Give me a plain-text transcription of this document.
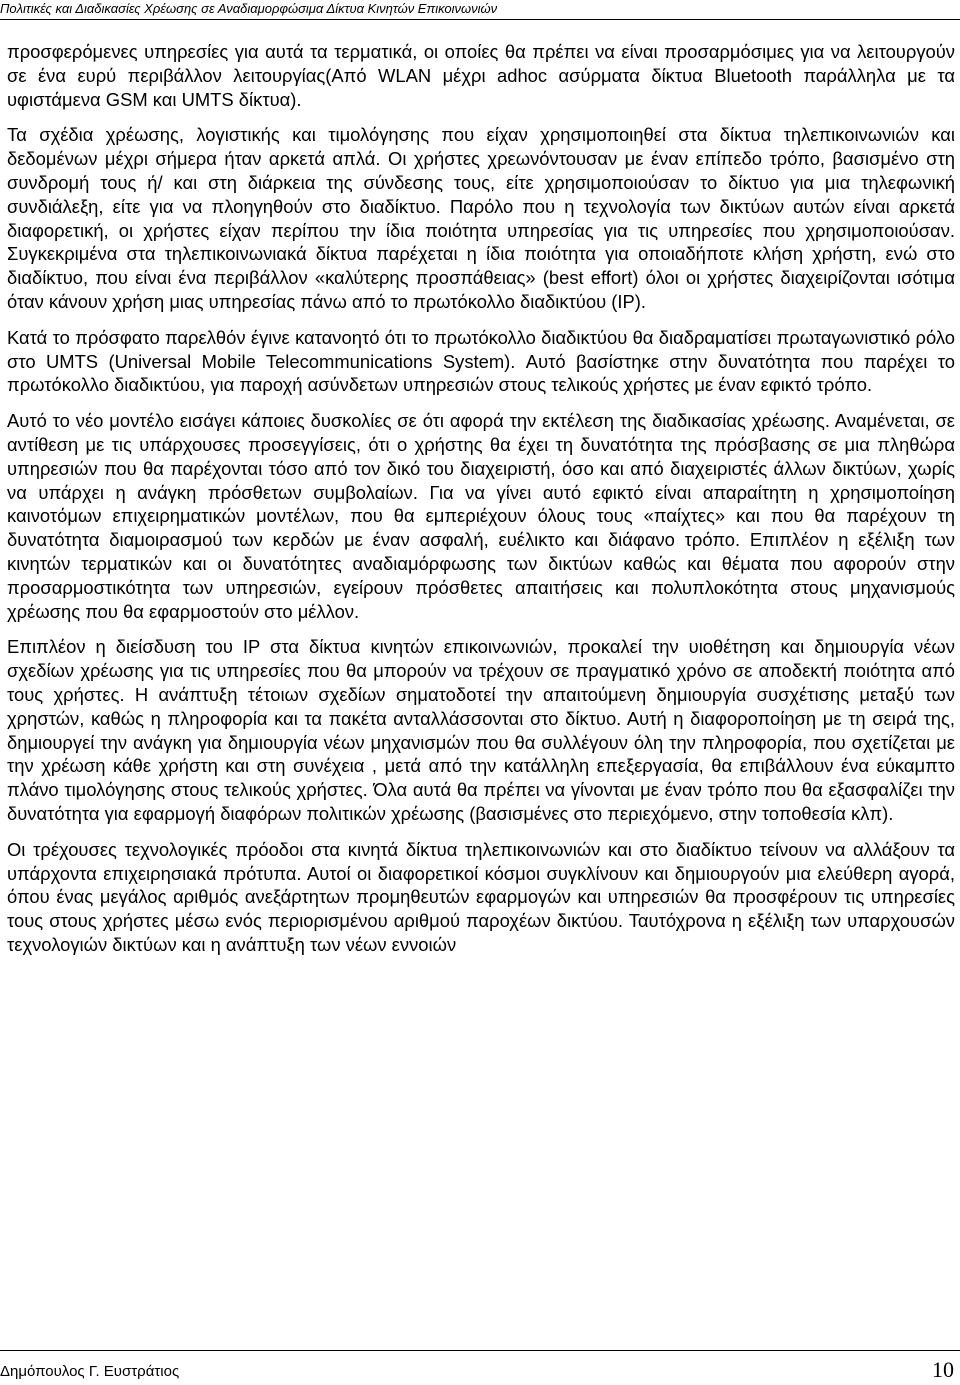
Πολιτικές και Διαδικασίες Χρέωσης σε Αναδιαμορφώσιμα Δίκτυα Κινητών Επικοινωνιών

προσφερόμενες υπηρεσίες για αυτά τα τερματικά, οι οποίες θα πρέπει να είναι προσαρμόσιμες για να λειτουργούν σε ένα ευρύ περιβάλλον λειτουργίας(Από WLAN μέχρι adhoc ασύρματα δίκτυα Bluetooth παράλληλα με τα υφιστάμενα GSM και UMTS δίκτυα).

Τα σχέδια χρέωσης, λογιστικής και τιμολόγησης που είχαν χρησιμοποιηθεί στα δίκτυα τηλεπικοινωνιών και δεδομένων μέχρι σήμερα ήταν αρκετά απλά. Οι χρήστες χρεωνόντουσαν με έναν επίπεδο τρόπο, βασισμένο στη συνδρομή τους ή/ και στη διάρκεια της σύνδεσης τους, είτε χρησιμοποιούσαν το δίκτυο για μια τηλεφωνική συνδιάλεξη, είτε για να πλοηγηθούν στο διαδίκτυο. Παρόλο που η τεχνολογία των δικτύων αυτών είναι αρκετά διαφορετική, οι χρήστες είχαν περίπου την ίδια ποιότητα υπηρεσίας για τις υπηρεσίες που χρησιμοποιούσαν. Συγκεκριμένα στα τηλεπικοινωνιακά δίκτυα παρέχεται η ίδια ποιότητα για οποιαδήποτε κλήση χρήστη, ενώ στο διαδίκτυο, που είναι ένα περιβάλλον «καλύτερης προσπάθειας» (best effort) όλοι οι χρήστες διαχειρίζονται ισότιμα όταν κάνουν χρήση μιας υπηρεσίας πάνω από το πρωτόκολλο διαδικτύου (IP).

Κατά το πρόσφατο παρελθόν έγινε κατανοητό ότι το πρωτόκολλο διαδικτύου θα διαδραματίσει πρωταγωνιστικό ρόλο στο UMTS (Universal Mobile Telecommunications System). Αυτό βασίστηκε στην δυνατότητα που παρέχει το πρωτόκολλο διαδικτύου, για παροχή ασύνδετων υπηρεσιών στους τελικούς χρήστες με έναν εφικτό τρόπο.

Αυτό το νέο μοντέλο εισάγει κάποιες δυσκολίες σε ότι αφορά την εκτέλεση της διαδικασίας χρέωσης. Αναμένεται, σε αντίθεση με τις υπάρχουσες προσεγγίσεις, ότι ο χρήστης θα έχει τη δυνατότητα της πρόσβασης σε μια πληθώρα υπηρεσιών που θα παρέχονται τόσο από τον δικό του διαχειριστή, όσο και από διαχειριστές άλλων δικτύων, χωρίς να υπάρχει η ανάγκη πρόσθετων συμβολαίων. Για να γίνει αυτό εφικτό είναι απαραίτητη η χρησιμοποίηση καινοτόμων επιχειρηματικών μοντέλων, που θα εμπεριέχουν όλους τους «παίχτες» και που θα παρέχουν τη δυνατότητα διαμοιρασμού των κερδών με έναν ασφαλή, ευέλικτο και διάφανο τρόπο. Επιπλέον η εξέλιξη των κινητών τερματικών και οι δυνατότητες αναδιαμόρφωσης των δικτύων καθώς και θέματα που αφορούν στην προσαρμοστικότητα των υπηρεσιών, εγείρουν πρόσθετες απαιτήσεις και πολυπλοκότητα στους μηχανισμούς χρέωσης που θα εφαρμοστούν στο μέλλον.

Επιπλέον η διείσδυση του IP στα δίκτυα κινητών επικοινωνιών, προκαλεί την υιοθέτηση και δημιουργία νέων σχεδίων χρέωσης για τις υπηρεσίες που θα μπορούν να τρέχουν σε πραγματικό χρόνο σε αποδεκτή ποιότητα από τους χρήστες. Η ανάπτυξη τέτοιων σχεδίων σηματοδοτεί την απαιτούμενη δημιουργία συσχέτισης μεταξύ των χρηστών, καθώς η πληροφορία και τα πακέτα ανταλλάσσονται στο δίκτυο. Αυτή η διαφοροποίηση με τη σειρά της, δημιουργεί την ανάγκη για δημιουργία νέων μηχανισμών που θα συλλέγουν όλη την πληροφορία, που σχετίζεται με την χρέωση κάθε χρήστη και στη συνέχεια , μετά από την κατάλληλη επεξεργασία, θα επιβάλλουν ένα εύκαμπτο πλάνο τιμολόγησης στους τελικούς χρήστες. Όλα αυτά θα πρέπει να γίνονται με έναν τρόπο που θα εξασφαλίζει την δυνατότητα για εφαρμογή διαφόρων πολιτικών χρέωσης (βασισμένες στο περιεχόμενο, στην τοποθεσία κλπ).

Οι τρέχουσες τεχνολογικές πρόοδοι στα κινητά δίκτυα τηλεπικοινωνιών και στο διαδίκτυο τείνουν να αλλάξουν τα υπάρχοντα επιχειρησιακά πρότυπα. Αυτοί οι διαφορετικοί κόσμοι συγκλίνουν και δημιουργούν μια ελεύθερη αγορά, όπου ένας μεγάλος αριθμός ανεξάρτητων προμηθευτών εφαρμογών και υπηρεσιών θα προσφέρουν τις υπηρεσίες τους στους χρήστες μέσω ενός περιορισμένου αριθμού παροχέων δικτύου. Ταυτόχρονα η εξέλιξη των υπαρχουσών τεχνολογιών δικτύων και η ανάπτυξη των νέων εννοιών

Δημόπουλος Γ. Ευστράτιος	10
